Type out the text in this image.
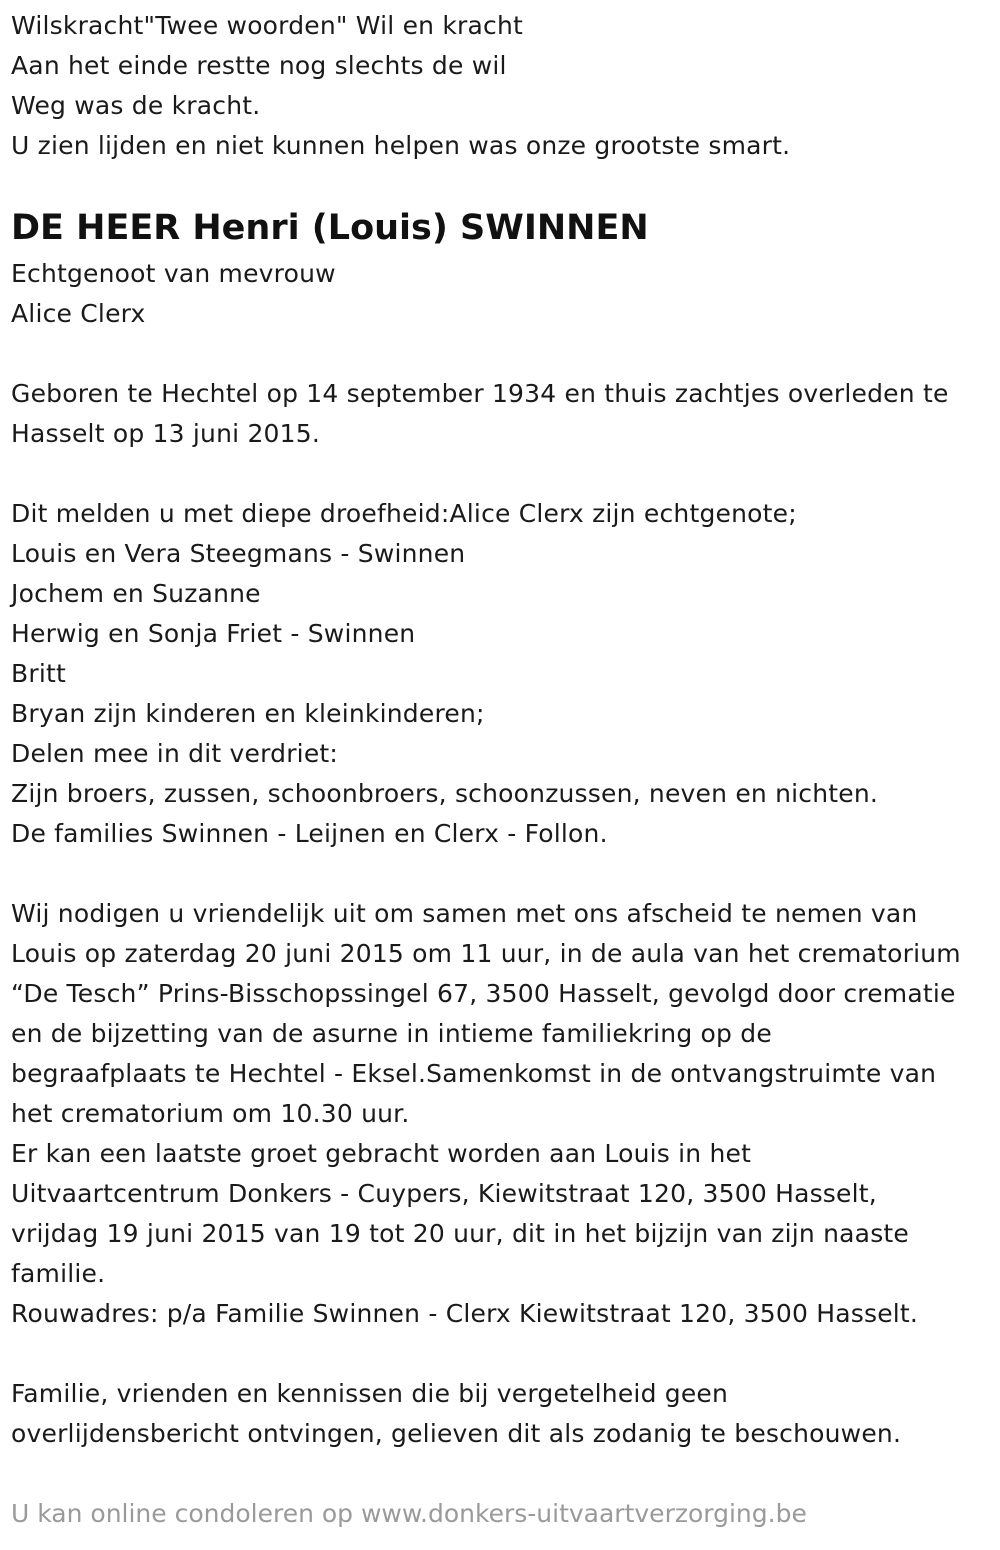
Wilskracht"Twee woorden" Wil en kracht
Aan het einde restte nog slechts de wil
Weg was de kracht.
U zien lijden en niet kunnen helpen was onze grootste smart.
DE HEER Henri (Louis) SWINNEN
Echtgenoot van mevrouw
Alice Clerx
Geboren te Hechtel op 14 september 1934 en thuis zachtjes overleden te
Hasselt op 13 juni 2015.
Dit melden u met diepe droefheid:Alice Clerx zijn echtgenote;
Louis en Vera Steegmans - Swinnen
Jochem en Suzanne
Herwig en Sonja Friet - Swinnen
Britt
Bryan zijn kinderen en kleinkinderen;
Delen mee in dit verdriet:
Zijn broers, zussen, schoonbroers, schoonzussen, neven en nichten.
De families Swinnen - Leijnen en Clerx - Follon.
Wij nodigen u vriendelijk uit om samen met ons afscheid te nemen van
Louis op zaterdag 20 juni 2015 om 11 uur, in de aula van het crematorium
“De Tesch” Prins-Bisschopssingel 67, 3500 Hasselt, gevolgd door crematie
en de bijzetting van de asurne in intieme familiekring op de
begraafplaats te Hechtel - Eksel.Samenkomst in de ontvangstruimte van
het crematorium om 10.30 uur.
Er kan een laatste groet gebracht worden aan Louis in het
Uitvaartcentrum Donkers - Cuypers, Kiewitstraat 120, 3500 Hasselt,
vrijdag 19 juni 2015 van 19 tot 20 uur, dit in het bijzijn van zijn naaste
familie.
Rouwadres: p/a Familie Swinnen - Clerx Kiewitstraat 120, 3500 Hasselt.
Familie, vrienden en kennissen die bij vergetelheid geen
overlijdensbericht ontvingen, gelieven dit als zodanig te beschouwen.
U kan online condoleren op www.donkers-uitvaartverzorging.be
